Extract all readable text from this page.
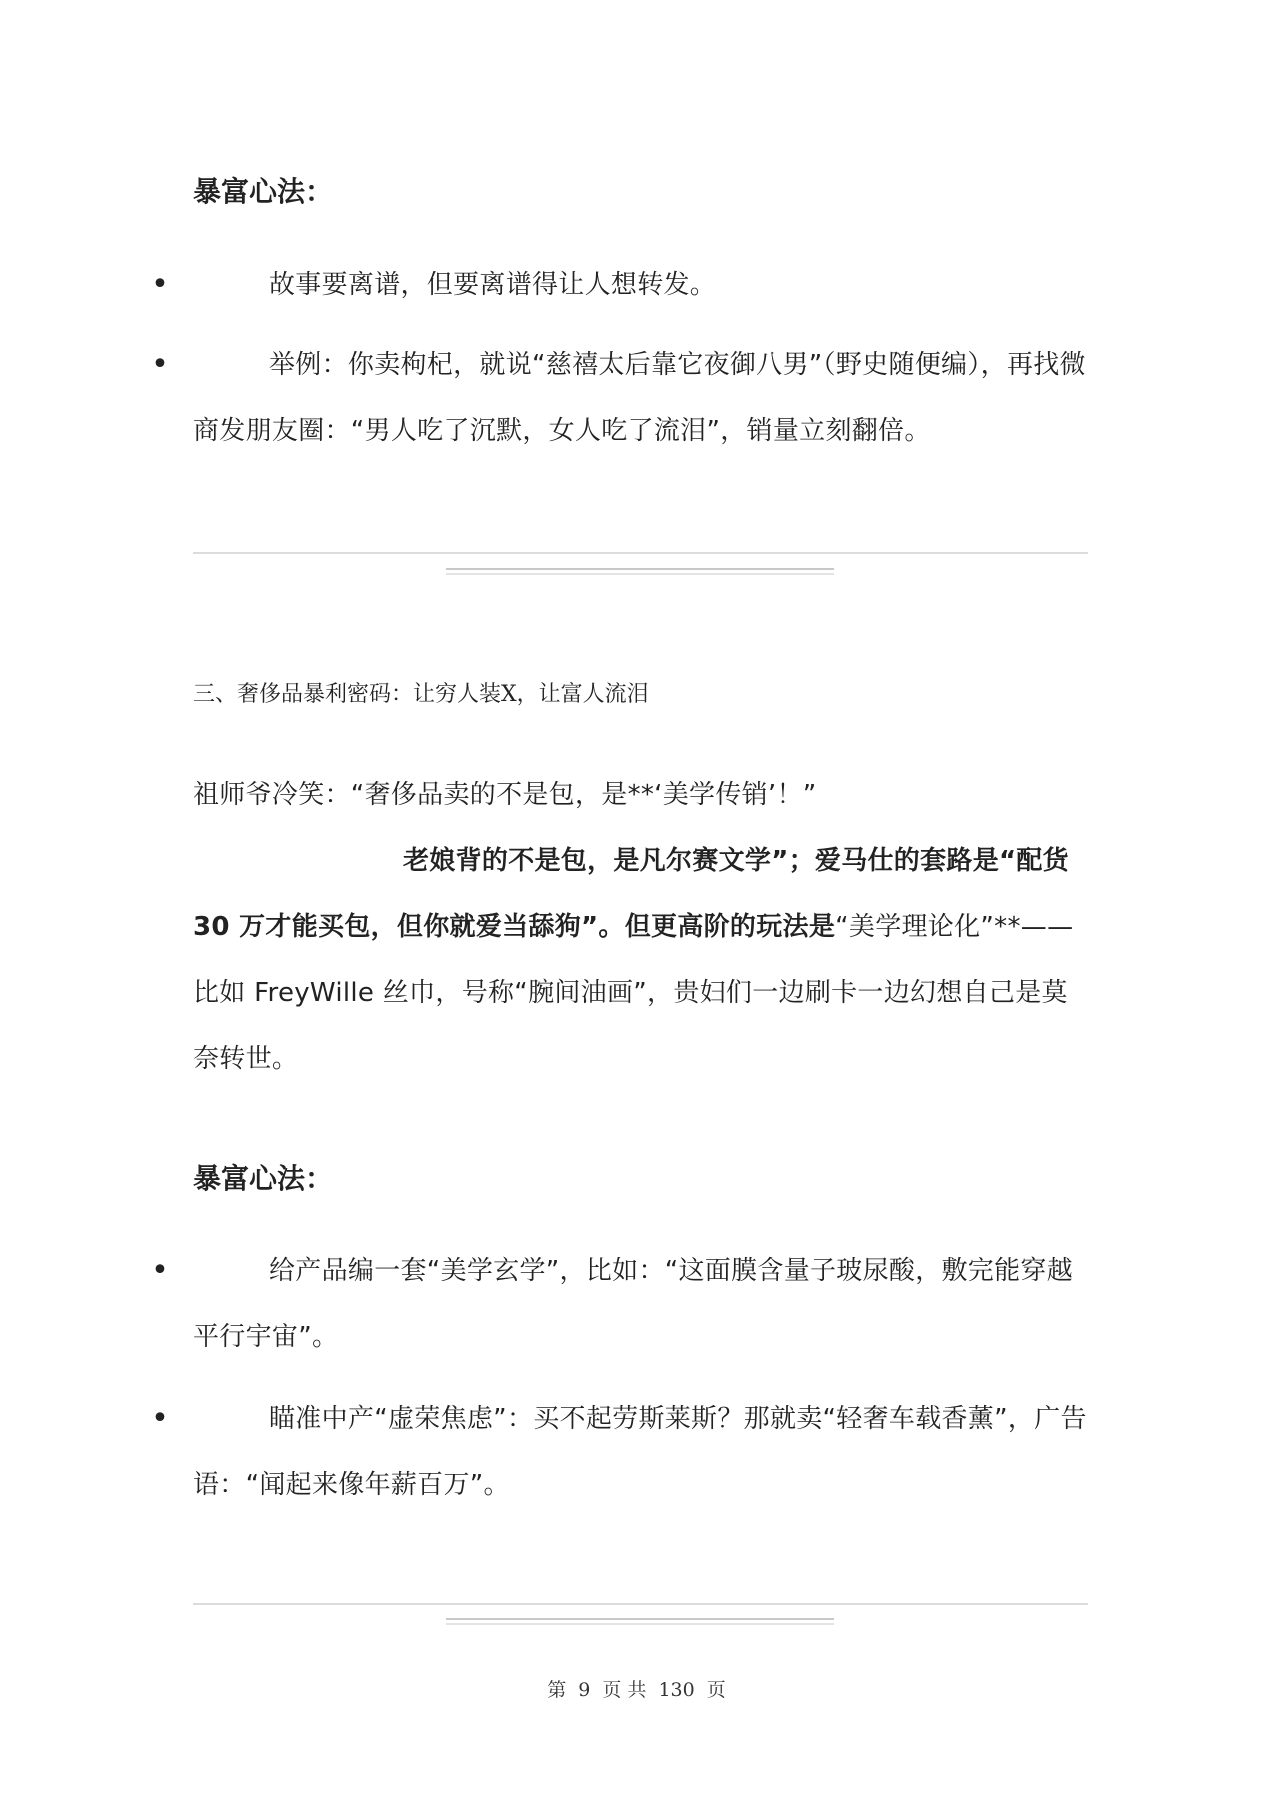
暴富心法：
•	故事要离谱，但要离谱得让人想转发。

•	举例：你卖枸杞，就说“慈禧太后靠它夜御八男”（野史随便编），再找微商发朋友圈：“男人吃了沉默，女人吃了流泪”，销量立刻翻倍。

三、奢侈品暴利密码：让穷人装X，让富人流泪

祖师爷冷笑：“奢侈品卖的不是包，是**‘美学传销’！”

老娘背的不是包，是凡尔赛文学”；爱马仕的套路是“配货 30 万才能买包，但你就爱当舔狗”。但更高阶的玩法是“美学理论化”**——比如 FreyWille 丝巾，号称“腕间油画”，贵妇们一边刷卡一边幻想自己是莫奈转世。

暴富心法：
•	给产品编一套“美学玄学”，比如：“这面膜含量子玻尿酸，敷完能穿越平行宇宙”。

•	瞄准中产“虚荣焦虑”：买不起劳斯莱斯？那就卖“轻奢车载香薰”，广告语：“闻起来像年薪百万”。

第 9 页 共 130 页
